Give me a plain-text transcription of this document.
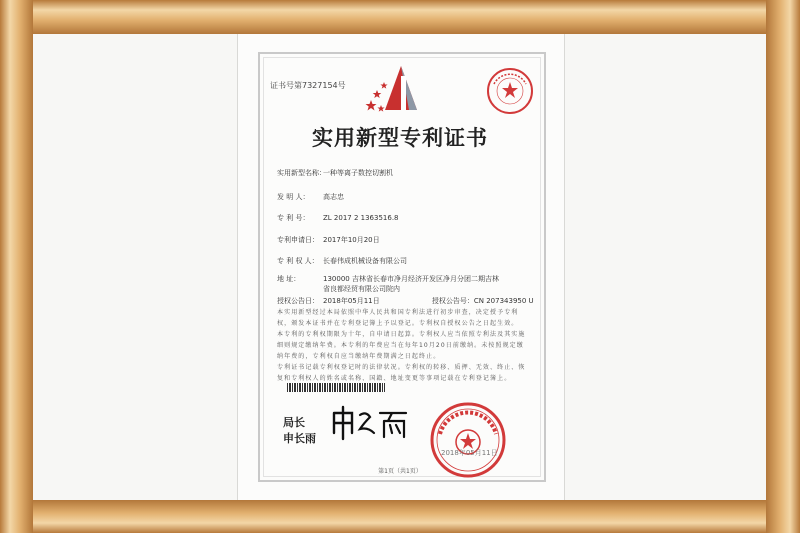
证书号第7327154号
实用新型专利证书
实用新型名称：一种等离子数控切割机
发 明 人： 高志忠
专 利 号： ZL 2017 2 1363516.8
专利申请日： 2017年10月20日
专 利 权 人： 长春伟成机械设备有限公司
地 址：	130000 吉林省长春市净月经济开发区净月分团二期吉林
省良都经贸有限公司院内
授权公告日： 2018年05月11日	授权公告号：CN 207343950 U
本实用新型经过本局依照中华人民共和国专利法进行初步审查，决定授予专利权，颁发本证书并在专利登记簿上予以登记。专利权自授权公告之日起生效。
本专利的专利权期限为十年，自申请日起算。专利权人应当依照专利法及其实施细则规定缴纳年费。本专利的年费应当在每年10月20日前缴纳。未按照规定缴纳年费的，专利权自应当缴纳年费期满之日起终止。
专利证书记载专利权登记时的法律状况。专利权的转移、质押、无效、终止、恢复和专利权人的姓名或名称、国籍、地址变更等事项记载在专利登记簿上。
局长
申长雨
2018年05月11日
第1页（共1页）
